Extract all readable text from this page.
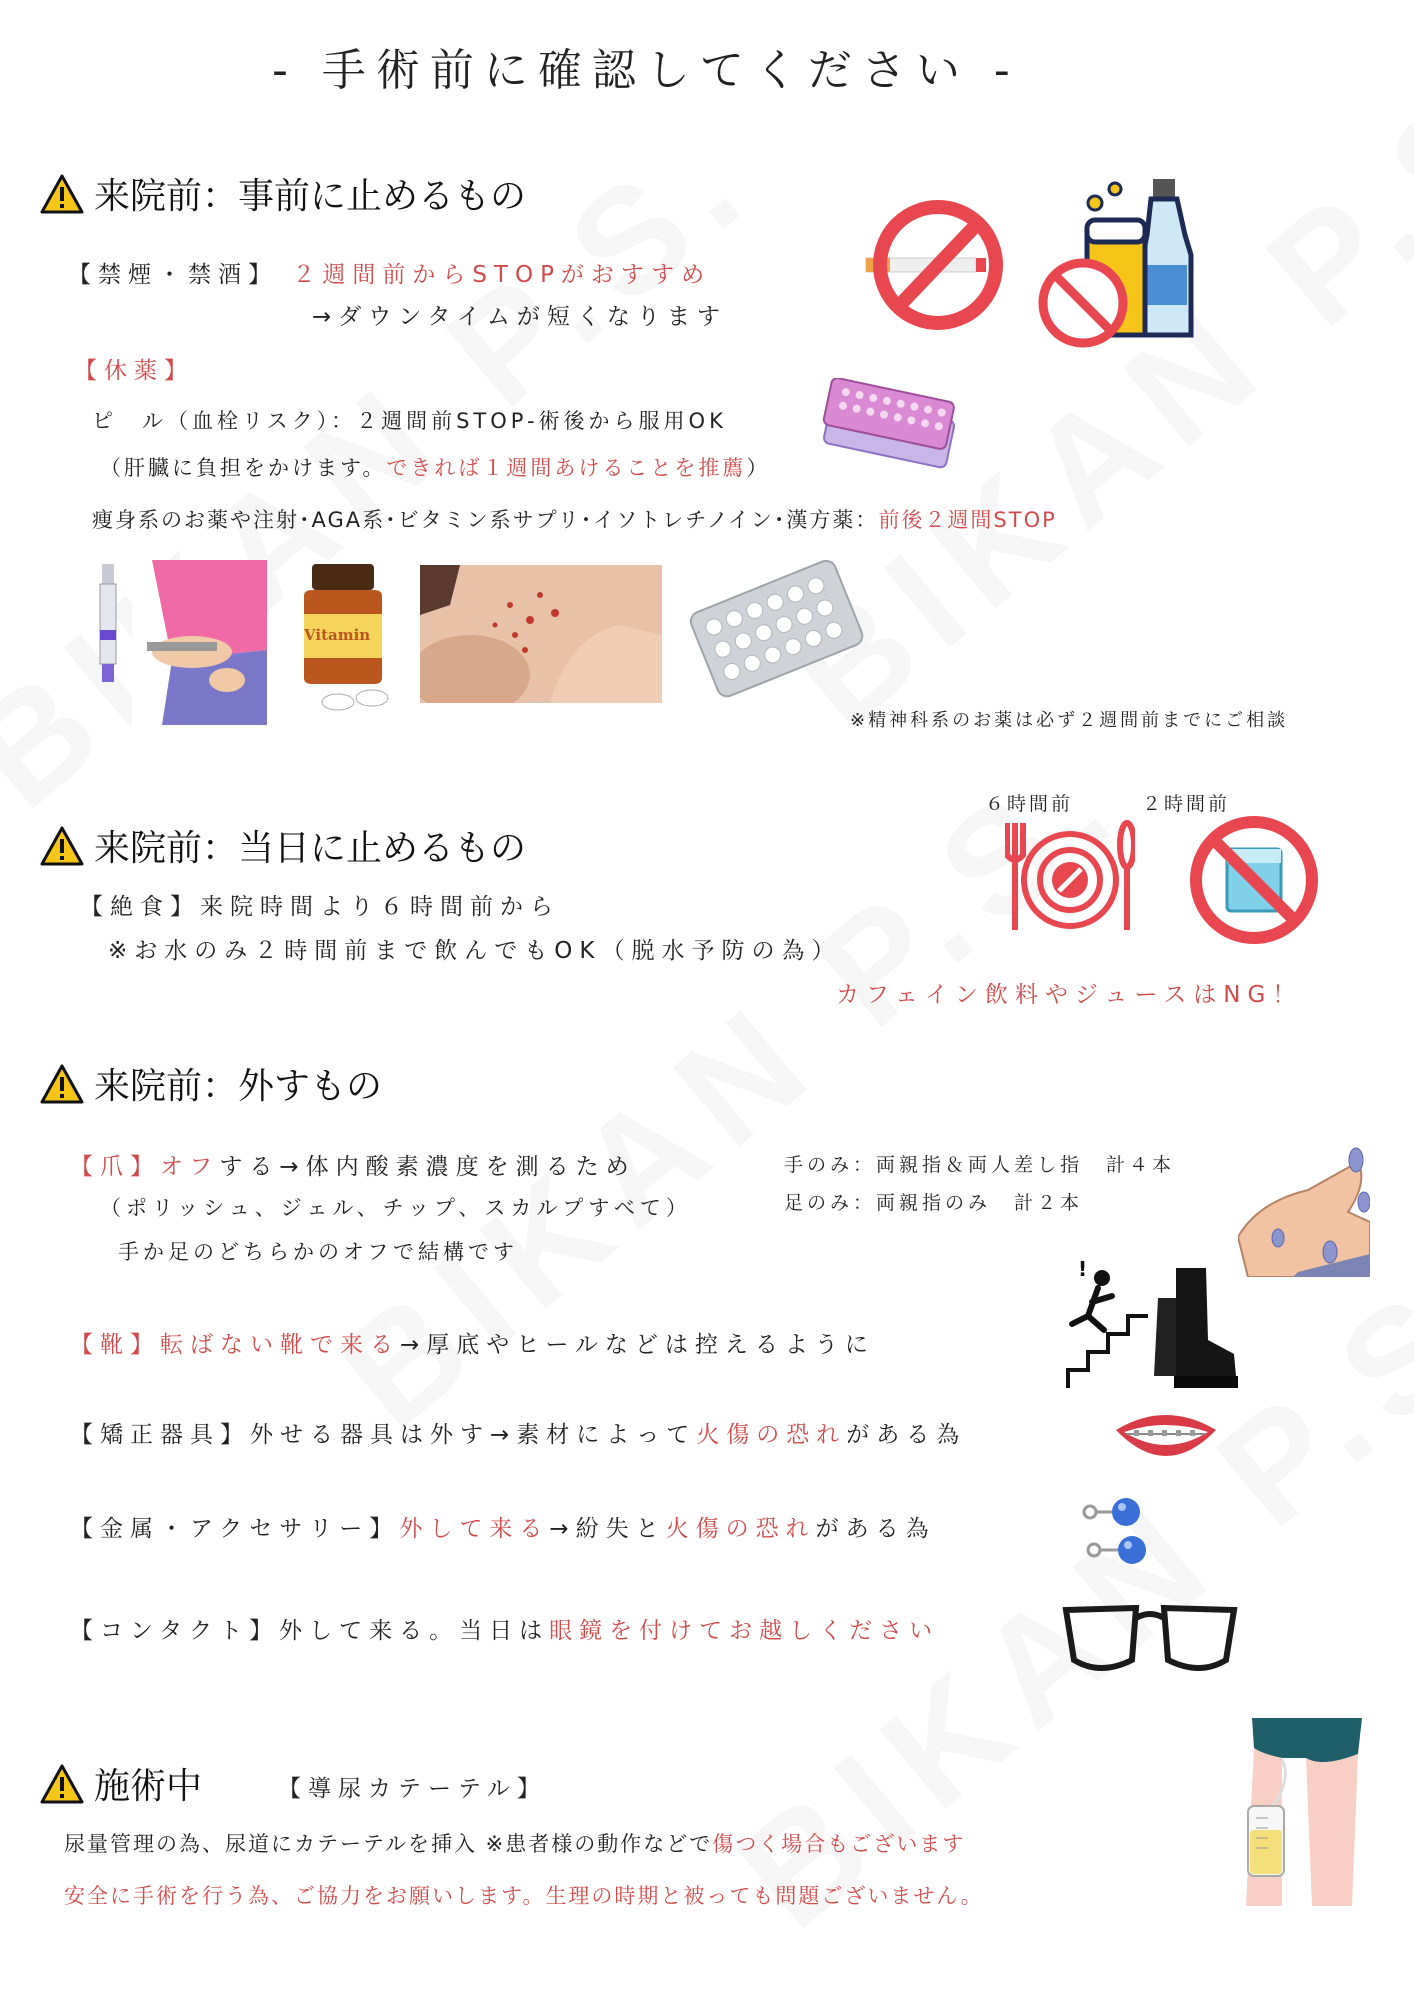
- 手術前に確認してください -
来院前：事前に止めるもの
【禁煙・禁酒】 ２週間前からSTOPがおすすめ
→ダウンタイムが短くなります
【休薬】
ピ　ル（血栓リスク）：２週間前STOP-術後から服用OK
（肝臓に負担をかけます。できれば１週間あけることを推薦）
痩身系のお薬や注射･AGA系･ビタミン系サプリ･イソトレチノイン･漢方薬：前後２週間STOP
Vitamin
※精神科系のお薬は必ず２週間前までにご相談
６時間前	２時間前
来院前：当日に止めるもの
【絶食】来院時間より６時間前から
※お水のみ２時間前まで飲んでもOK（脱水予防の為）
カフェイン飲料やジュースはNG！
来院前：外すもの
【爪】オフする→体内酸素濃度を測るため
（ポリッシュ、ジェル、チップ、スカルプすべて）
手か足のどちらかのオフで結構です
手のみ：両親指＆両人差し指　計４本
足のみ：両親指のみ　計２本
【靴】転ばない靴で来る→厚底やヒールなどは控えるように
!
【矯正器具】外せる器具は外す→素材によって火傷の恐れがある為
【金属・アクセサリー】外して来る→紛失と火傷の恐れがある為
【コンタクト】外して来る。当日は眼鏡を付けてお越しください
施術中	【導尿カテーテル】
尿量管理の為、尿道にカテーテルを挿入 ※患者様の動作などで傷つく場合もございます
安全に手術を行う為、ご協力をお願いします。生理の時期と被っても問題ございません。
